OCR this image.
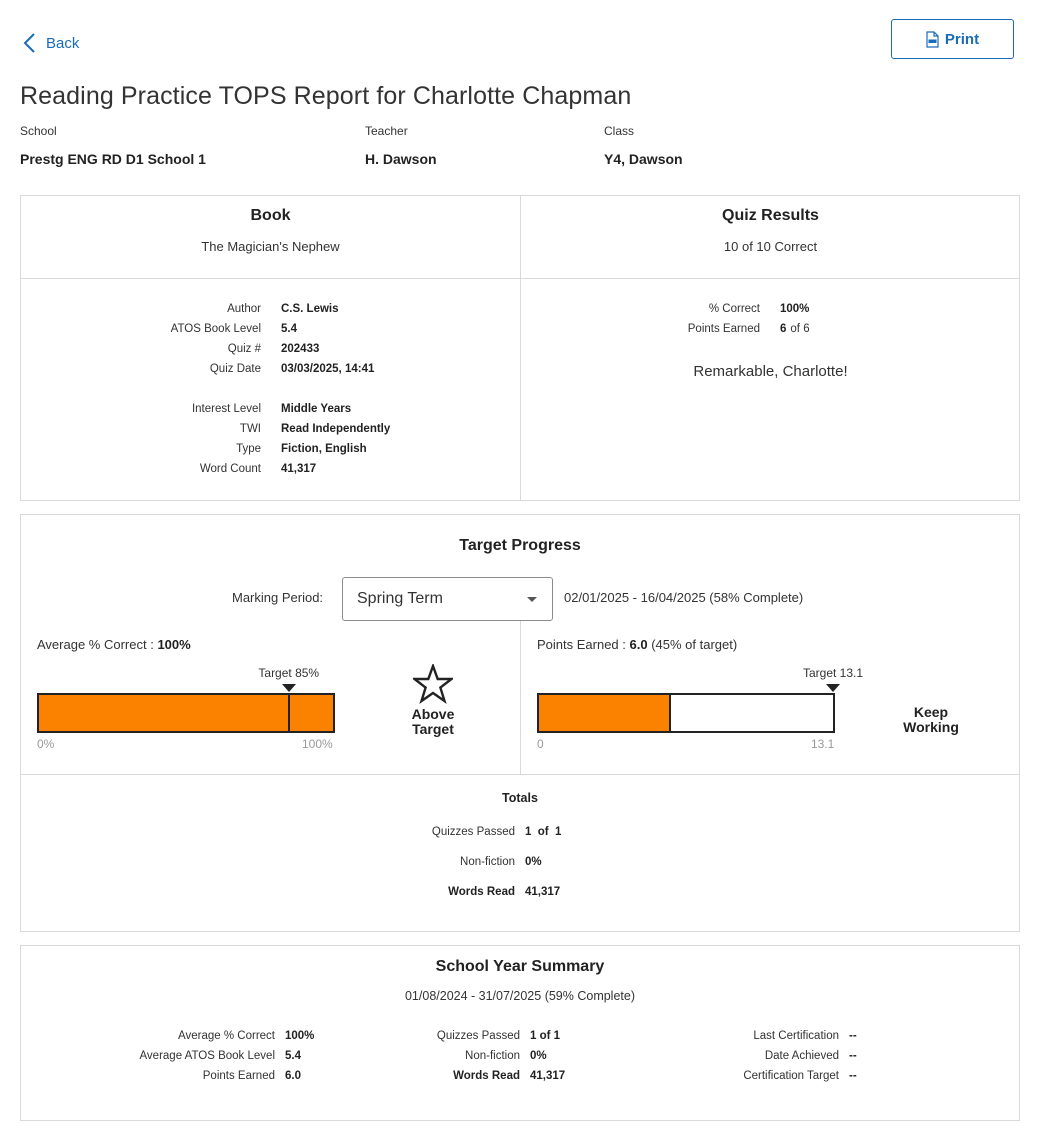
Back	Print
Reading Practice TOPS Report for Charlotte Chapman
School
Prestg ENG RD D1 School 1
Teacher
H. Dawson
Class
Y4, Dawson
Book
The Magician's Nephew
Quiz Results
10 of 10 Correct
Author	C.S. Lewis
ATOS Book Level	5.4
Quiz #	202433
Quiz Date	03/03/2025, 14:41
Interest Level	Middle Years
TWI	Read Independently
Type	Fiction, English
Word Count	41,317
% Correct	100%
Points Earned	6 of 6
Remarkable, Charlotte!
Target Progress
Marking Period: Spring Term	02/01/2025 - 16/04/2025 (58% Complete)
Average % Correct : 100%
Target 85%
0%	100%
Above
Target
Points Earned : 6.0 (45% of target)
Target 13.1
0	13.1
Keep
Working
Totals
Quizzes Passed 1  of  1
Non-fiction 0%
Words Read 41,317
School Year Summary
01/08/2024 - 31/07/2025 (59% Complete)
Average % Correct 100%
Average ATOS Book Level 5.4
Points Earned 6.0
Quizzes Passed 1 of 1
Non-fiction 0%
Words Read 41,317
Last Certification --
Date Achieved --
Certification Target --
